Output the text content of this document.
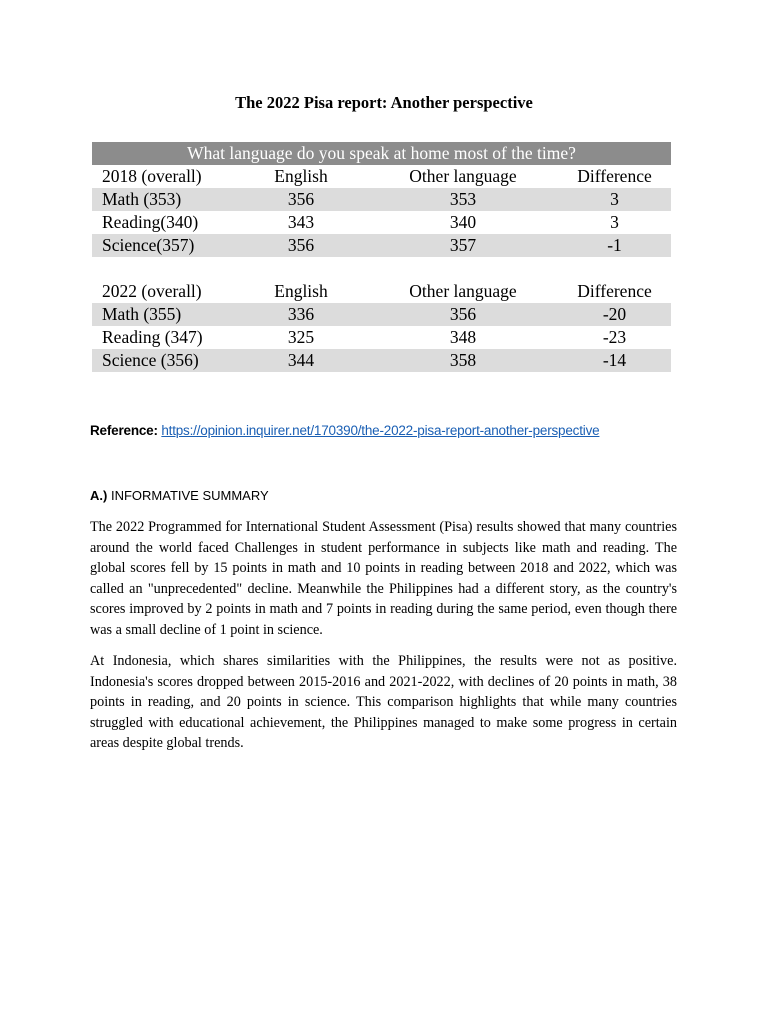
The 2022 Pisa report: Another perspective
What language do you speak at home most of the time?
2018 (overall)	English	Other language	Difference
Math (353)	356	353	3
Reading(340)	343	340	3
Science(357)	356	357	-1
2022 (overall)	English	Other language	Difference
Math (355)	336	356	-20
Reading (347)	325	348	-23
Science (356)	344	358	-14
Reference: https://opinion.inquirer.net/170390/the-2022-pisa-report-another-perspective
A.) INFORMATIVE SUMMARY

The 2022 Programmed for International Student Assessment (Pisa) results showed that many countries around the world faced Challenges in student performance in subjects like math and reading. The global scores fell by 15 points in math and 10 points in reading between 2018 and 2022, which was called an "unprecedented" decline. Meanwhile the Philippines had a different story, as the country's scores improved by 2 points in math and 7 points in reading during the same period, even though there was a small decline of 1 point in science.

At Indonesia, which shares similarities with the Philippines, the results were not as positive. Indonesia's scores dropped between 2015-2016 and 2021-2022, with declines of 20 points in math, 38 points in reading, and 20 points in science. This comparison highlights that while many countries struggled with educational achievement, the Philippines managed to make some progress in certain areas despite global trends.
